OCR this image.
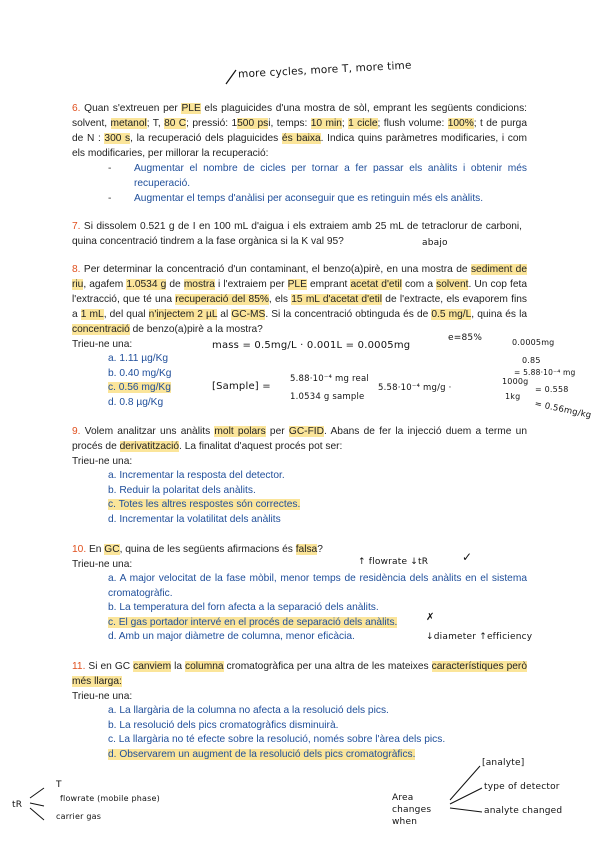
more cycles, more T, more time
abajo
mass = 0.5mg/L · 0.001L = 0.0005mg
e=85%	0.0005mg
0.85
= 5.88·10⁻⁴ mg
[Sample] =
5.88·10⁻⁴ mg real
1.0534 g sample
5.58·10⁻⁴ mg/g ·
1000g
1kg
= 0.558
= 0.56mg/kg
↑ flowrate ↓tR	✓
✗
↓diameter ↑efficiency
tR
T
flowrate (mobile phase)
carrier gas
Area changes when
[analyte]
type of detector
analyte changed
6. Quan s'extreuen per PLE els plaguicides d'una mostra de sòl, emprant les següents condicions: solvent, metanol; T, 80 C; pressió: 1500 psi, temps: 10 min; 1 cicle; flush volume: 100%; t de purga de N : 300 s, la recuperació dels plaguicides és baixa. Indica quins paràmetres modificaries, i com els modificaries, per millorar la recuperació:
- Augmentar el nombre de cicles per tornar a fer passar els anàlits i obtenir més recuperació.
- Augmentar el temps d'anàlisi per aconseguir que es retinguin més els anàlits.
7. Si dissolem 0.521 g de I en 100 mL d'aigua i els extraiem amb 25 mL de tetraclorur de carboni, quina concentració tindrem a la fase orgànica si la K val 95?
8. Per determinar la concentració d'un contaminant, el benzo(a)pirè, en una mostra de sediment de riu, agafem 1.0534 g de mostra i l'extraiem per PLE emprant acetat d'etil com a solvent. Un cop feta l'extracció, que té una recuperació del 85%, els 15 mL d'acetat d'etil de l'extracte, els evaporem fins a 1 mL, del qual n'injectem 2 µL al GC-MS. Si la concentració obtinguda és de 0.5 mg/L, quina és la concentració de benzo(a)pirè a la mostra?
Trieu-ne una:
a. 1.11 µg/Kg
b. 0.40 mg/Kg
c. 0.56 mg/Kg
d. 0.8 µg/Kg
9. Volem analitzar uns anàlits molt polars per GC-FID. Abans de fer la injecció duem a terme un procés de derivatització. La finalitat d'aquest procés pot ser:
Trieu-ne una:
a. Incrementar la resposta del detector.
b. Reduir la polaritat dels anàlits.
c. Totes les altres respostes són correctes.
d. Incrementar la volatilitat dels anàlits
10. En GC, quina de les següents afirmacions és falsa?
Trieu-ne una:
a. A major velocitat de la fase mòbil, menor temps de residència dels anàlits en el sistema cromatogràfic.
b. La temperatura del forn afecta a la separació dels anàlits.
c. El gas portador intervé en el procés de separació dels anàlits.
d. Amb un major diàmetre de columna, menor eficàcia.
11. Si en GC canviem la columna cromatogràfica per una altra de les mateixes característiques però més llarga:
Trieu-ne una:
a. La llargària de la columna no afecta a la resolució dels pics.
b. La resolució dels pics cromatogràfics disminuirà.
c. La llargària no té efecte sobre la resolució, només sobre l'àrea dels pics.
d. Observarem un augment de la resolució dels pics cromatogràfics.
